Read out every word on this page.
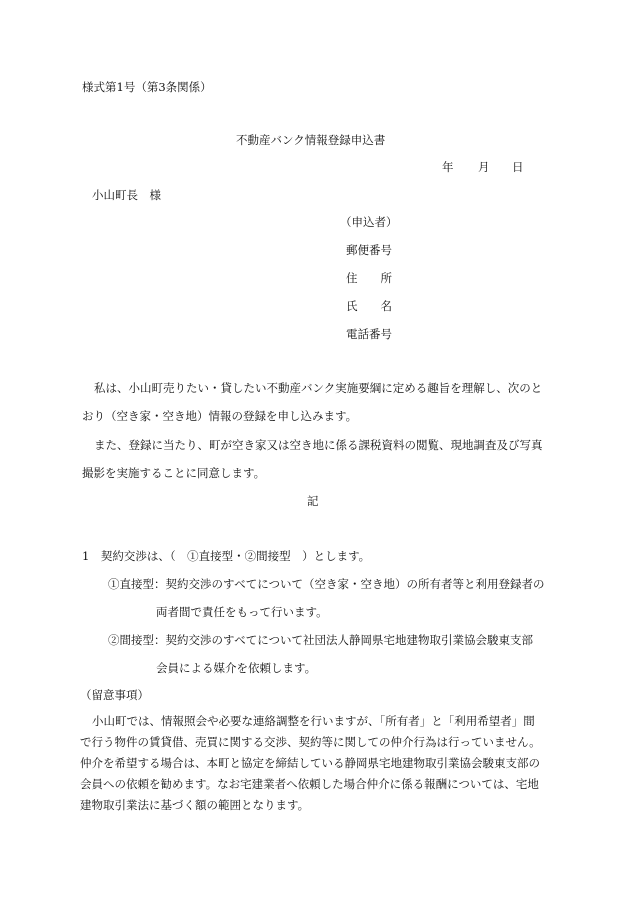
様式第1号（第3条関係）
不動産バンク情報登録申込書
年 月 日
小山町長　様
（申込者）
郵便番号
住　　所
氏　　名
電話番号
私は、小山町売りたい・貸したい不動産バンク実施要綱に定める趣旨を理解し、次のと
おり（空き家・空き地）情報の登録を申し込みます。
また、登録に当たり、町が空き家又は空き地に係る課税資料の閲覧、現地調査及び写真
撮影を実施することに同意します。
記
1　契約交渉は、（　①直接型・②間接型　）とします。
①直接型：契約交渉のすべてについて（空き家・空き地）の所有者等と利用登録者の
両者間で責任をもって行います。
②間接型：契約交渉のすべてについて社団法人静岡県宅地建物取引業協会駿東支部
会員による媒介を依頼します。
（留意事項）
小山町では、情報照会や必要な連絡調整を行いますが、「所有者」と「利用希望者」間
で行う物件の賃貸借、売買に関する交渉、契約等に関しての仲介行為は行っていません。
仲介を希望する場合は、本町と協定を締結している静岡県宅地建物取引業協会駿東支部の
会員への依頼を勧めます。なお宅建業者へ依頼した場合仲介に係る報酬については、宅地
建物取引業法に基づく額の範囲となります。
